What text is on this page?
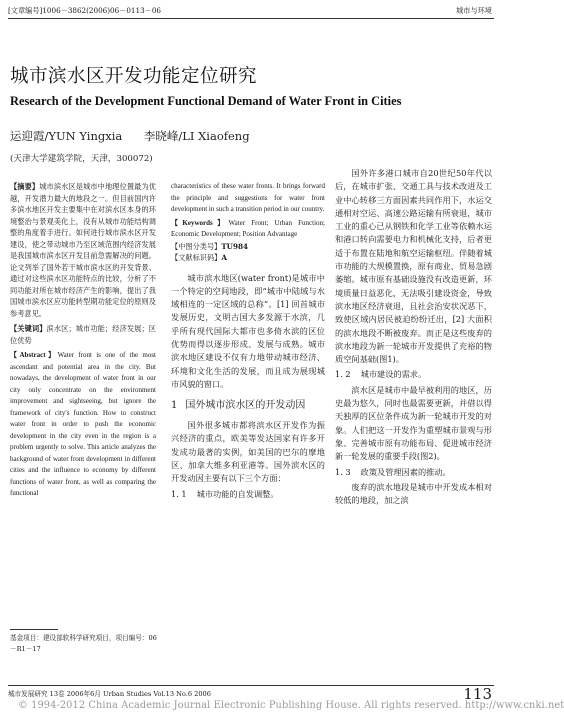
[文章编号]1006－3862(2006)06－0113－06	城市与环境
城市滨水区开发功能定位研究
Research of the Development Functional Demand of Water Front in Cities
运迎霞/YUN Yingxia 李晓峰/LI Xiaofeng
(天津大学建筑学院，天津，300072)

【摘要】城市滨水区是城市中地理位置最为优越，开发潜力最大的地段之一。但目前国内许多滨水地区开发主要集中在对滨水区本身的环境整治与景观美化上，没有从城市功能结构调整的角度着手进行。如何进行城市滨水区开发建设，使之带动城市乃至区域范围内经济发展是我国城市滨水区开发目前急需解决的问题。论文列举了国外若干城市滨水区的开发背景、通过对这些滨水区功能特点的比较，分析了不同功能对所在城市经济产生的影响，提出了我国城市滨水区应功能转型期功能定位的原则及参考意见。

【关键词】滨水区；城市功能；经济发展；区位优势

【Abstract】Water front is one of the most ascendant and potential area in the city. But nowadays, the development of water front in our city only concentrate on the environment improvement and sightseeing, but ignore the framework of city's function. How to construct water front in order to push the economic development in the city even in the region is a problem urgently to solve. This article analyzes the background of water front development in different cities and the influence to economy by different functions of water front, as well as comparing the functional

基金项目：建设部软科学研究项目，项目编号：06－R1－17

characteristics of these water fronts. It brings forward the principle and suggestions for water front development in such a transition period in our country.

【Keywords】Water Front; Urban Function; Economic Development; Position Advantage

【中图分类号】TU984

【文献标识码】A

城市滨水地区(water front)是城市中一个特定的空间地段，即“城市中陆域与水域相连的一定区域的总称”。[1] 回首城市发展历史，文明古国大多发源于水滨，几乎所有现代国际大都市也多倚水滨的区位优势而得以逐步形成、发展与成熟。城市滨水地区建设不仅有力地带动城市经济、环境和文化生活的发展，而且成为展现城市风貌的窗口。

1 国外城市滨水区的开发动因

国外很多城市都将滨水区开发作为振兴经济的重点，欧美等发达国家有许多开发成功最著的实例，如美国的巴尔的摩地区、加拿大维多利亚港等。国外滨水区的开发动因主要有以下三个方面：

1. 1 城市功能的自发调整。

国外许多港口城市自20世纪50年代以后，在城市扩张、交通工具与技术改进及工业中心转移三方面因素共同作用下，水运交通相对空运、高速公路运输有所衰退，城市工业的重心已从钢铁和化学工业等依赖水运和港口转向需要电力和机械化支持，后者更适于布置在陆地和航空运输枢纽。伴随着城市功能的大规模置换，原有商业、贸易急剧萎缩。城市原有基础设施没有改造更新，环境质量日益恶化，无法吸引建设资金，导致滨水地区经济衰退，且社会治安状况恶下，致使区域内居民被迫纷纷迁出，[2] 大面积的滨水地段不断被废弃。而正是这些废弃的滨水地段为新一轮城市开发提供了充裕的物质空间基础(图1)。

1. 2 城市建设的需求。

滨水区是城市中最早被利用的地区，历史最为悠久，同时也最需要更新，并借以得天独厚的区位条件成为新一轮城市开发的对象。人们把这一开发作为重塑城市景观与形象、完善城市原有功能布局、促进城市经济新一轮发展的重要手段(图2)。

1. 3 政策及管理因素的推动。

废弃的滨水地段是城市中开发成本相对较低的地段，加之滨

城市发展研究 13卷 2006年6月 Urban Studies Vol.13 No.6 2006	113
© 1994-2012 China Academic Journal Electronic Publishing House. All rights reserved. http://www.cnki.net
